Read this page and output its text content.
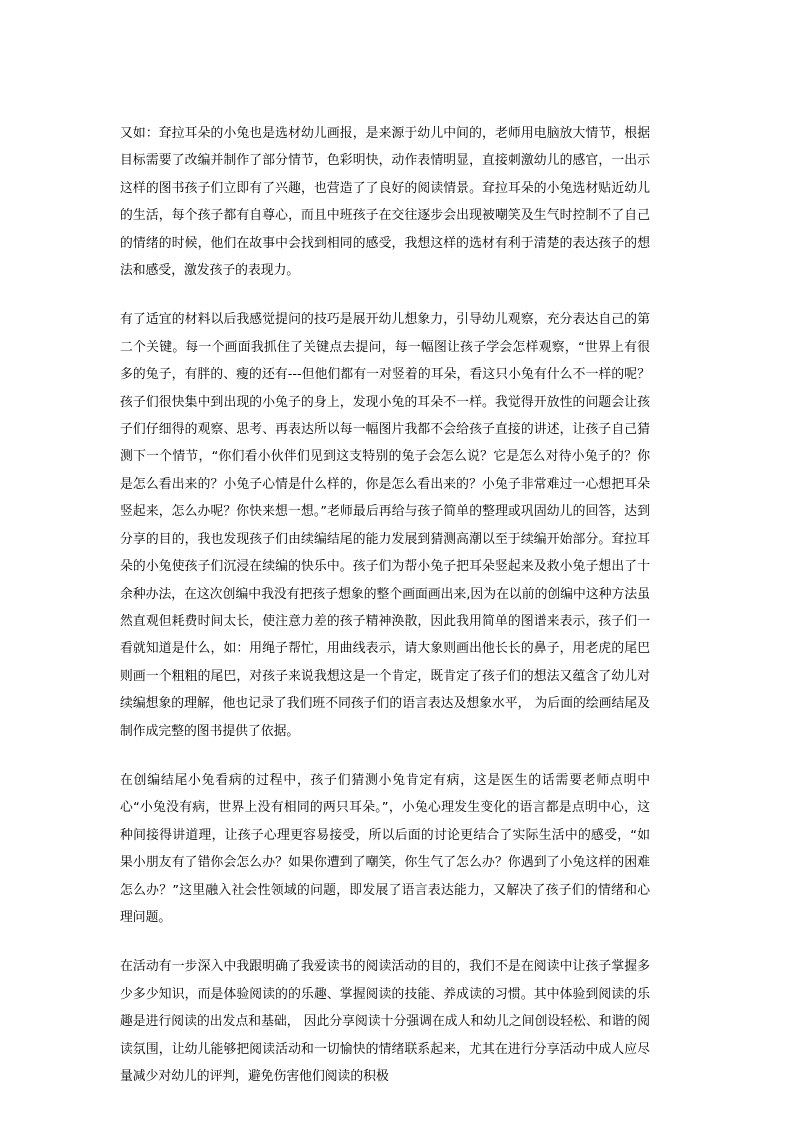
又如：耷拉耳朵的小兔也是选材幼儿画报，是来源于幼儿中间的，老师用电脑放大情节，根据目标需要了改编并制作了部分情节，色彩明快，动作表情明显，直接刺激幼儿的感官，一出示这样的图书孩子们立即有了兴趣，也营造了了良好的阅读情景。耷拉耳朵的小兔选材贴近幼儿的生活，每个孩子都有自尊心，而且中班孩子在交往逐步会出现被嘲笑及生气时控制不了自己的情绪的时候，他们在故事中会找到相同的感受，我想这样的选材有利于清楚的表达孩子的想法和感受，激发孩子的表现力。

有了适宜的材料以后我感觉提问的技巧是展开幼儿想象力，引导幼儿观察，充分表达自己的第二个关键。每一个画面我抓住了关键点去提问，每一幅图让孩子学会怎样观察，“世界上有很多的兔子，有胖的、瘦的还有---但他们都有一对竖着的耳朵，看这只小兔有什么不一样的呢？孩子们很快集中到出现的小兔子的身上，发现小兔的耳朵不一样。我觉得开放性的问题会让孩子们仔细得的观察、思考、再表达所以每一幅图片我都不会给孩子直接的讲述，让孩子自己猜测下一个情节，“你们看小伙伴们见到这支特别的兔子会怎么说？它是怎么对待小兔子的？你是怎么看出来的？小兔子心情是什么样的，你是怎么看出来的？小兔子非常难过一心想把耳朵竖起来，怎么办呢？你快来想一想。”老师最后再给与孩子简单的整理或巩固幼儿的回答，达到分享的目的，我也发现孩子们由续编结尾的能力发展到猜测高潮以至于续编开始部分。耷拉耳朵的小兔使孩子们沉浸在续编的快乐中。孩子们为帮小兔子把耳朵竖起来及救小兔子想出了十余种办法，在这次创编中我没有把孩子想象的整个画面画出来,因为在以前的创编中这种方法虽然直观但耗费时间太长，使注意力差的孩子精神涣散，因此我用简单的图谱来表示，孩子们一看就知道是什么，如：用绳子帮忙，用曲线表示，请大象则画出他长长的鼻子，用老虎的尾巴则画一个粗粗的尾巴，对孩子来说我想这是一个肯定，既肯定了孩子们的想法又蕴含了幼儿对续编想象的理解，他也记录了我们班不同孩子们的语言表达及想象水平， 为后面的绘画结尾及制作成完整的图书提供了依据。

在创编结尾小兔看病的过程中，孩子们猜测小兔肯定有病，这是医生的话需要老师点明中心“小兔没有病，世界上没有相同的两只耳朵。”，小兔心理发生变化的语言都是点明中心，这种间接得讲道理，让孩子心理更容易接受，所以后面的讨论更结合了实际生活中的感受，“如果小朋友有了错你会怎么办？如果你遭到了嘲笑，你生气了怎么办？你遇到了小兔这样的困难怎么办？”这里融入社会性领域的问题，即发展了语言表达能力，又解决了孩子们的情绪和心理问题。

在活动有一步深入中我跟明确了我爱读书的阅读活动的目的，我们不是在阅读中让孩子掌握多少多少知识，而是体验阅读的的乐趣、掌握阅读的技能、养成读的习惯。其中体验到阅读的乐趣是进行阅读的出发点和基础， 因此分享阅读十分强调在成人和幼儿之间创设轻松、和谐的阅读氛围，让幼儿能够把阅读活动和一切愉快的情绪联系起来，尤其在进行分享活动中成人应尽量减少对幼儿的评判，避免伤害他们阅读的积极
